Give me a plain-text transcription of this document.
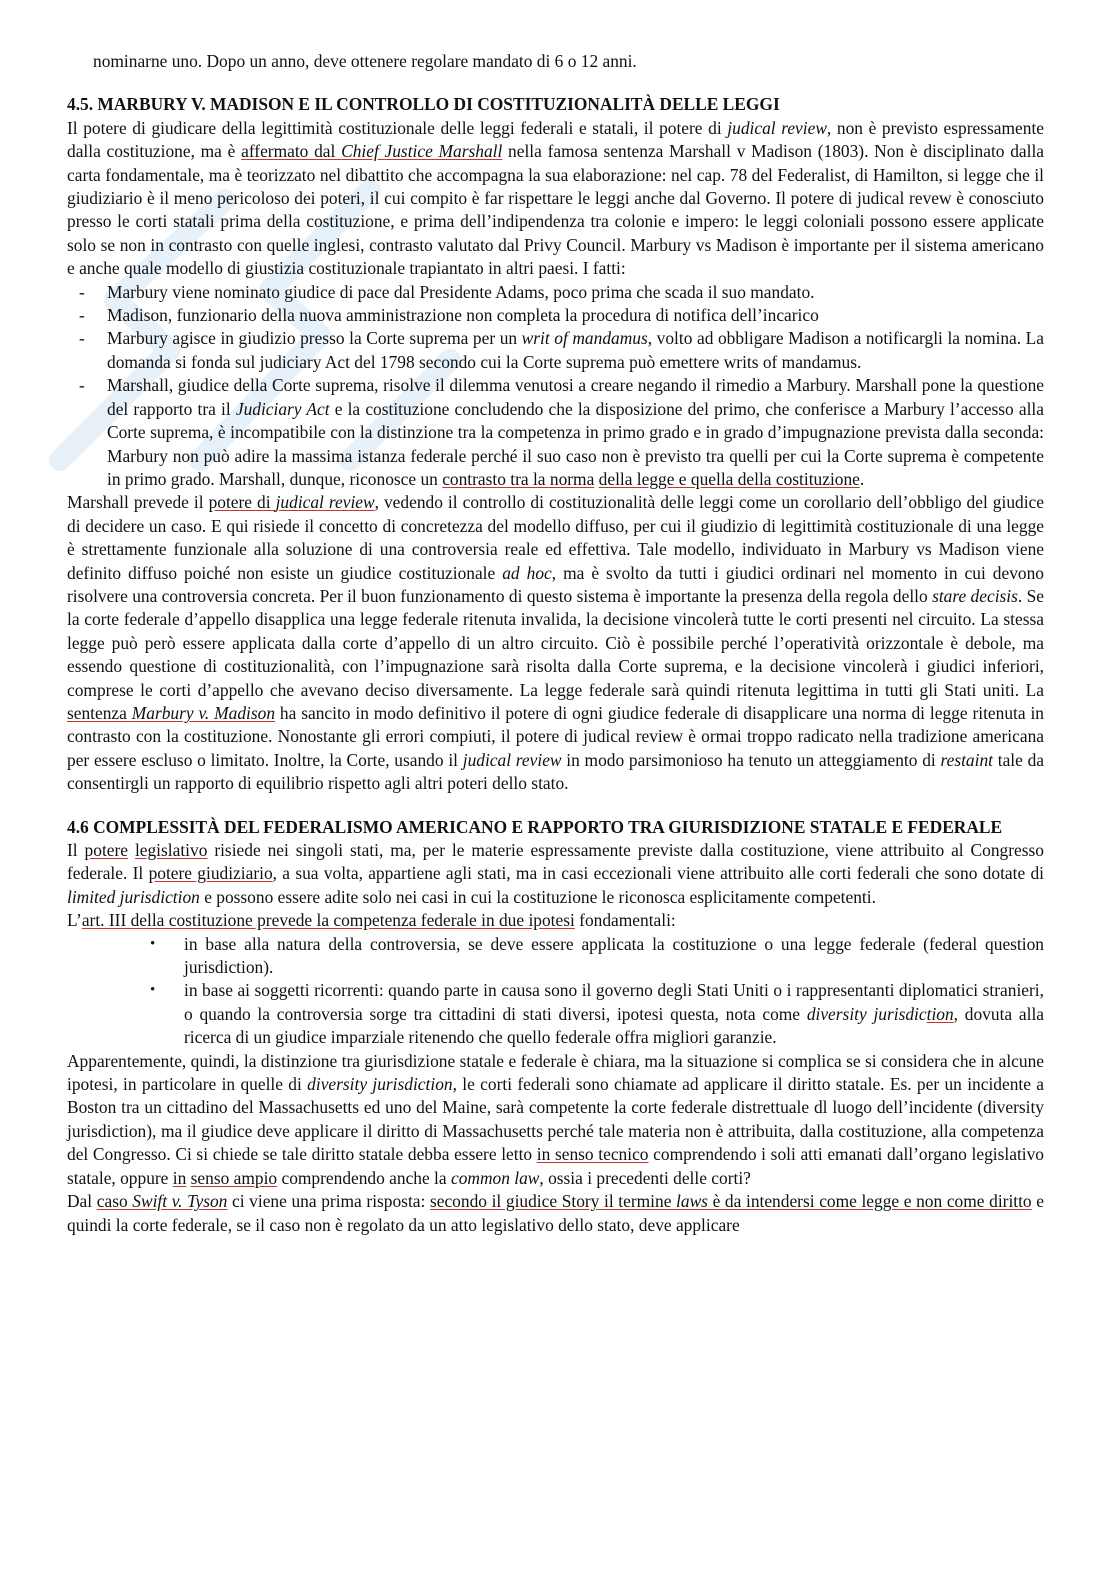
nominarne uno. Dopo un anno, deve ottenere regolare mandato di 6 o 12 anni.

4.5. MARBURY V. MADISON E IL CONTROLLO DI COSTITUZIONALITÀ DELLE LEGGI

Il potere di giudicare della legittimità costituzionale delle leggi federali e statali, il potere di judical review, non è previsto espressamente dalla costituzione, ma è affermato dal Chief Justice Marshall nella famosa sentenza Marshall v Madison (1803). Non è disciplinato dalla carta fondamentale, ma è teorizzato nel dibattito che accompagna la sua elaborazione: nel cap. 78 del Federalist, di Hamilton, si legge che il giudiziario è il meno pericoloso dei poteri, il cui compito è far rispettare le leggi anche dal Governo. Il potere di judical revew è conosciuto presso le corti statali prima della costituzione, e prima dell’indipendenza tra colonie e impero: le leggi coloniali possono essere applicate solo se non in contrasto con quelle inglesi, contrasto valutato dal Privy Council. Marbury vs Madison è importante per il sistema americano e anche quale modello di giustizia costituzionale trapiantato in altri paesi. I fatti:

- Marbury viene nominato giudice di pace dal Presidente Adams, poco prima che scada il suo mandato.
- Madison, funzionario della nuova amministrazione non completa la procedura di notifica dell’incarico
- Marbury agisce in giudizio presso la Corte suprema per un writ of mandamus, volto ad obbligare Madison a notificargli la nomina. La domanda si fonda sul judiciary Act del 1798 secondo cui la Corte suprema può emettere writs of mandamus.
- Marshall, giudice della Corte suprema, risolve il dilemma venutosi a creare negando il rimedio a Marbury. Marshall pone la questione del rapporto tra il Judiciary Act e la costituzione concludendo che la disposizione del primo, che conferisce a Marbury l’accesso alla Corte suprema, è incompatibile con la distinzione tra la competenza in primo grado e in grado d’impugnazione prevista dalla seconda: Marbury non può adire la massima istanza federale perché il suo caso non è previsto tra quelli per cui la Corte suprema è competente in primo grado. Marshall, dunque, riconosce un contrasto tra la norma della legge e quella della costituzione.

Marshall prevede il potere di judical review, vedendo il controllo di costituzionalità delle leggi come un corollario dell’obbligo del giudice di decidere un caso. E qui risiede il concetto di concretezza del modello diffuso, per cui il giudizio di legittimità costituzionale di una legge è strettamente funzionale alla soluzione di una controversia reale ed effettiva. Tale modello, individuato in Marbury vs Madison viene definito diffuso poiché non esiste un giudice costituzionale ad hoc, ma è svolto da tutti i giudici ordinari nel momento in cui devono risolvere una controversia concreta. Per il buon funzionamento di questo sistema è importante la presenza della regola dello stare decisis. Se la corte federale d’appello disapplica una legge federale ritenuta invalida, la decisione vincolerà tutte le corti presenti nel circuito. La stessa legge può però essere applicata dalla corte d’appello di un altro circuito. Ciò è possibile perché l’operatività orizzontale è debole, ma essendo questione di costituzionalità, con l’impugnazione sarà risolta dalla Corte suprema, e la decisione vincolerà i giudici inferiori, comprese le corti d’appello che avevano deciso diversamente. La legge federale sarà quindi ritenuta legittima in tutti gli Stati uniti. La sentenza Marbury v. Madison ha sancito in modo definitivo il potere di ogni giudice federale di disapplicare una norma di legge ritenuta in contrasto con la costituzione. Nonostante gli errori compiuti, il potere di judical review è ormai troppo radicato nella tradizione americana per essere escluso o limitato. Inoltre, la Corte, usando il judical review in modo parsimonioso ha tenuto un atteggiamento di restaint tale da consentirgli un rapporto di equilibrio rispetto agli altri poteri dello stato.

4.6 COMPLESSITÀ DEL FEDERALISMO AMERICANO E RAPPORTO TRA GIURISDIZIONE STATALE E FEDERALE

Il potere legislativo risiede nei singoli stati, ma, per le materie espressamente previste dalla costituzione, viene attribuito al Congresso federale. Il potere giudiziario, a sua volta, appartiene agli stati, ma in casi eccezionali viene attribuito alle corti federali che sono dotate di limited jurisdiction e possono essere adite solo nei casi in cui la costituzione le riconosca esplicitamente competenti.

L’art. III della costituzione prevede la competenza federale in due ipotesi fondamentali:

• in base alla natura della controversia, se deve essere applicata la costituzione o una legge federale (federal question jurisdiction).
• in base ai soggetti ricorrenti: quando parte in causa sono il governo degli Stati Uniti o i rappresentanti diplomatici stranieri, o quando la controversia sorge tra cittadini di stati diversi, ipotesi questa, nota come diversity jurisdiction, dovuta alla ricerca di un giudice imparziale ritenendo che quello federale offra migliori garanzie.

Apparentemente, quindi, la distinzione tra giurisdizione statale e federale è chiara, ma la situazione si complica se si considera che in alcune ipotesi, in particolare in quelle di diversity jurisdiction, le corti federali sono chiamate ad applicare il diritto statale. Es. per un incidente a Boston tra un cittadino del Massachusetts ed uno del Maine, sarà competente la corte federale distrettuale dl luogo dell’incidente (diversity jurisdiction), ma il giudice deve applicare il diritto di Massachusetts perché tale materia non è attribuita, dalla costituzione, alla competenza del Congresso. Ci si chiede se tale diritto statale debba essere letto in senso tecnico comprendendo i soli atti emanati dall’organo legislativo statale, oppure in senso ampio comprendendo anche la common law, ossia i precedenti delle corti?

Dal caso Swift v. Tyson ci viene una prima risposta: secondo il giudice Story il termine laws è da intendersi come legge e non come diritto e quindi la corte federale, se il caso non è regolato da un atto legislativo dello stato, deve applicare
